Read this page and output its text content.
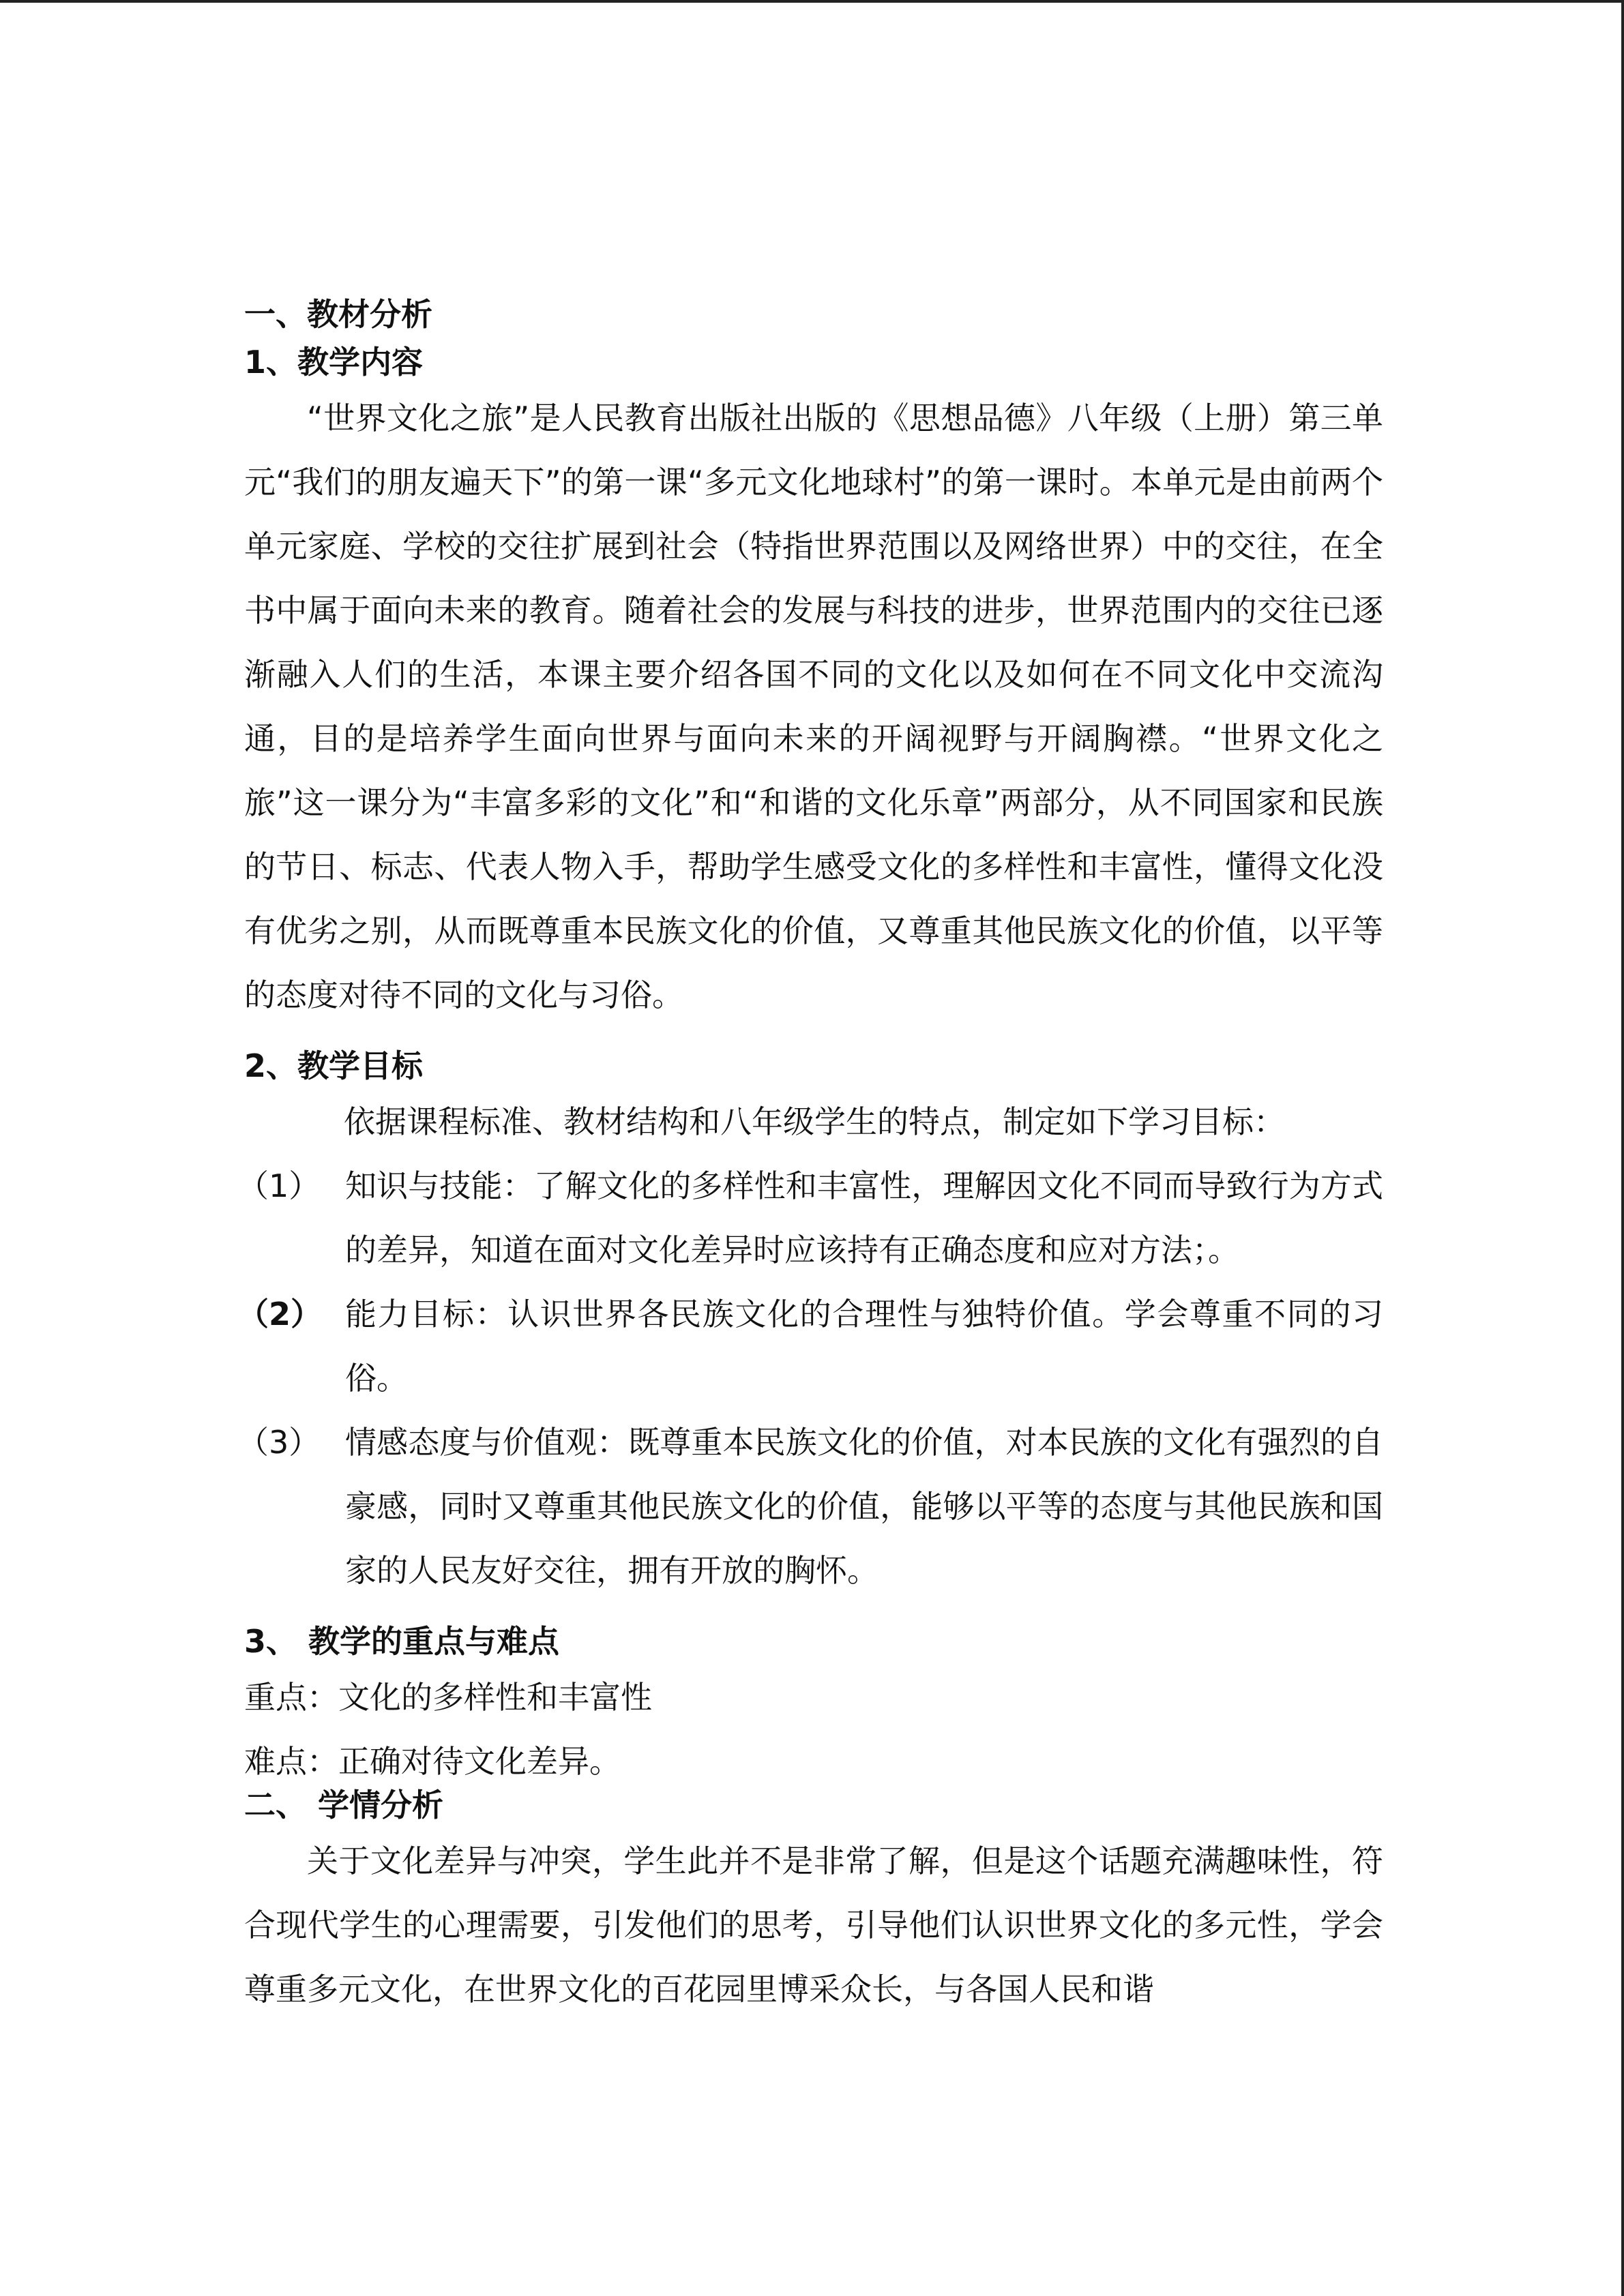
一、教材分析
1、教学内容
“世界文化之旅”是人民教育出版社出版的《思想品德》八年级（上册）第三单元“我们的朋友遍天下”的第一课“多元文化地球村”的第一课时。本单元是由前两个单元家庭、学校的交往扩展到社会（特指世界范围以及网络世界）中的交往，在全书中属于面向未来的教育。随着社会的发展与科技的进步，世界范围内的交往已逐渐融入人们的生活，本课主要介绍各国不同的文化以及如何在不同文化中交流沟通，目的是培养学生面向世界与面向未来的开阔视野与开阔胸襟。“世界文化之旅”这一课分为“丰富多彩的文化”和“和谐的文化乐章”两部分，从不同国家和民族的节日、标志、代表人物入手，帮助学生感受文化的多样性和丰富性，懂得文化没有优劣之别，从而既尊重本民族文化的价值，又尊重其他民族文化的价值，以平等的态度对待不同的文化与习俗。
2、教学目标
依据课程标准、教材结构和八年级学生的特点，制定如下学习目标：
（1） 知识与技能：了解文化的多样性和丰富性，理解因文化不同而导致行为方式的差异，知道在面对文化差异时应该持有正确态度和应对方法；。
（2） 能力目标：认识世界各民族文化的合理性与独特价值。学会尊重不同的习俗。
（3） 情感态度与价值观：既尊重本民族文化的价值，对本民族的文化有强烈的自豪感，同时又尊重其他民族文化的价值，能够以平等的态度与其他民族和国家的人民友好交往，拥有开放的胸怀。
3、 教学的重点与难点
重点：文化的多样性和丰富性
难点：正确对待文化差异。
二、 学情分析
关于文化差异与冲突，学生此并不是非常了解，但是这个话题充满趣味性，符合现代学生的心理需要，引发他们的思考，引导他们认识世界文化的多元性，学会尊重多元文化，在世界文化的百花园里博采众长，与各国人民和谐
